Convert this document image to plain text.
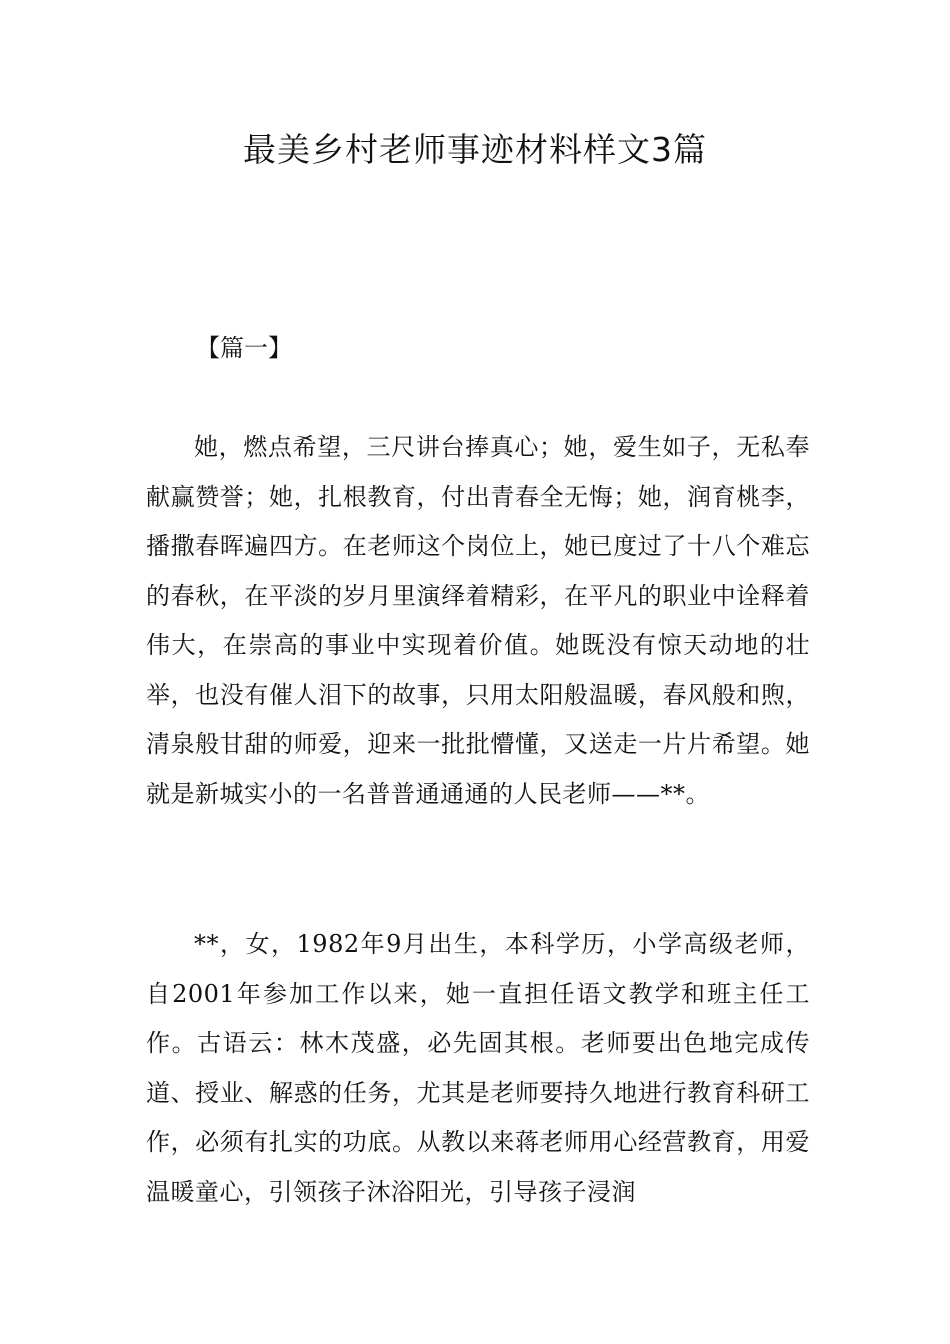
最美乡村老师事迹材料样文3篇

【篇一】

她，燃点希望，三尺讲台捧真心；她，爱生如子，无私奉献赢赞誉；她，扎根教育，付出青春全无悔；她，润育桃李，播撒春晖遍四方。在老师这个岗位上，她已度过了十八个难忘的春秋，在平淡的岁月里演绎着精彩，在平凡的职业中诠释着伟大，在崇高的事业中实现着价值。她既没有惊天动地的壮举，也没有催人泪下的故事，只用太阳般温暖，春风般和煦，清泉般甘甜的师爱，迎来一批批懵懂，又送走一片片希望。她就是新城实小的一名普普通通通的人民老师——**。

**，女，1982年9月出生，本科学历，小学高级老师，自2001年参加工作以来，她一直担任语文教学和班主任工作。古语云：林木茂盛，必先固其根。老师要出色地完成传道、授业、解惑的任务，尤其是老师要持久地进行教育科研工作，必须有扎实的功底。从教以来蒋老师用心经营教育，用爱温暖童心，引领孩子沐浴阳光，引导孩子浸润
